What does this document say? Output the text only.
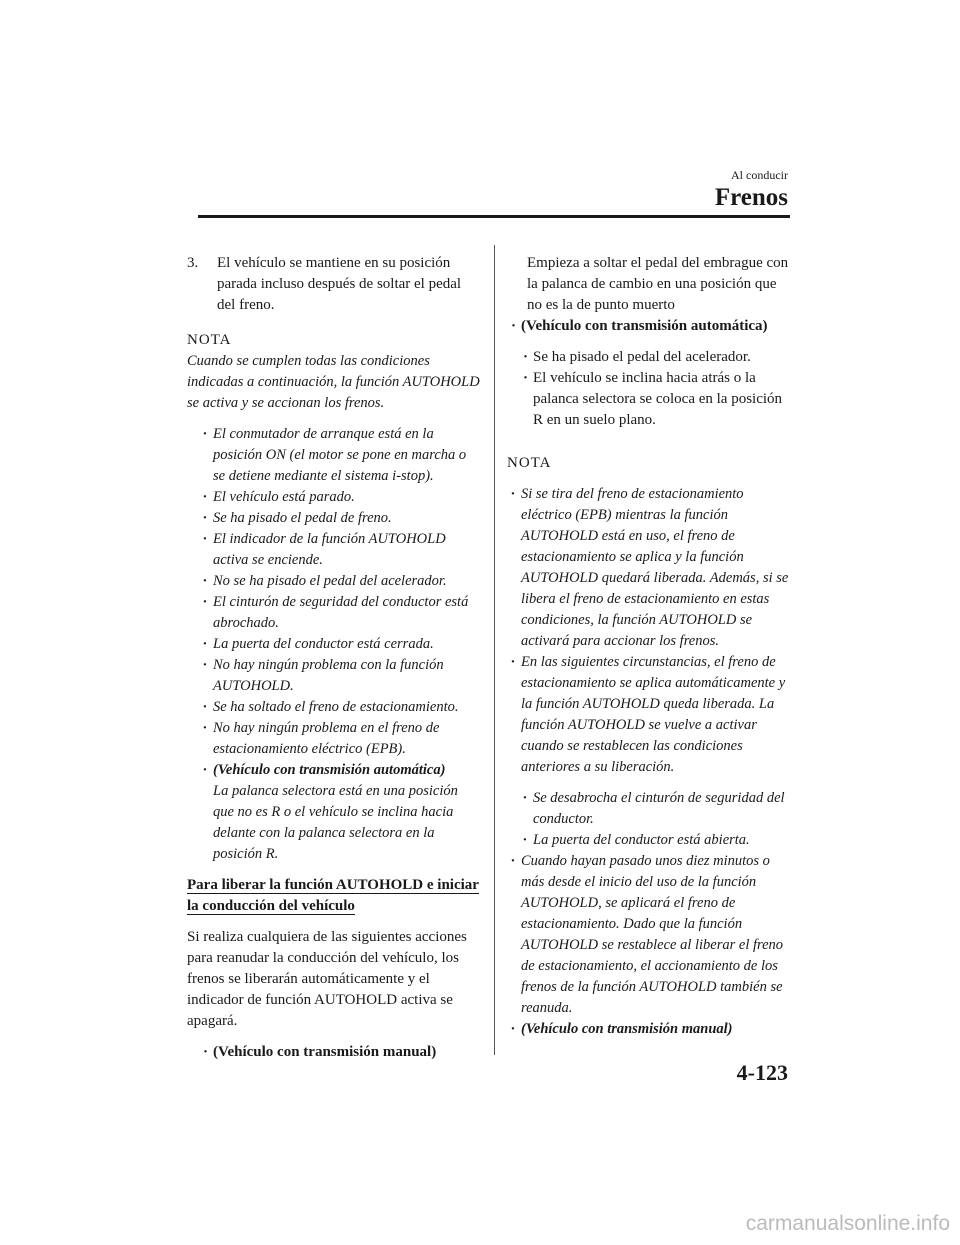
Al conducir
Frenos
3.	El vehículo se mantiene en su posición parada incluso después de soltar el pedal del freno.
NOTA
Cuando se cumplen todas las condiciones indicadas a continuación, la función AUTOHOLD se activa y se accionan los frenos.

· El conmutador de arranque está en la posición ON (el motor se pone en marcha o se detiene mediante el sistema i-stop).

· El vehículo está parado.

· Se ha pisado el pedal de freno.

· El indicador de la función AUTOHOLD activa se enciende.

· No se ha pisado el pedal del acelerador.

· El cinturón de seguridad del conductor está abrochado.

· La puerta del conductor está cerrada.

· No hay ningún problema con la función AUTOHOLD.

· Se ha soltado el freno de estacionamiento.

· No hay ningún problema en el freno de estacionamiento eléctrico (EPB).

· (Vehículo con transmisión automática)

La palanca selectora está en una posición que no es R o el vehículo se inclina hacia delante con la palanca selectora en la posición R.
Para liberar la función AUTOHOLD e iniciar la conducción del vehículo
Si realiza cualquiera de las siguientes acciones para reanudar la conducción del vehículo, los frenos se liberarán automáticamente y el indicador de función AUTOHOLD activa se apagará.

· (Vehículo con transmisión manual)

Empieza a soltar el pedal del embrague con la palanca de cambio en una posición que no es la de punto muerto

· (Vehículo con transmisión automática)

· Se ha pisado el pedal del acelerador.

· El vehículo se inclina hacia atrás o la palanca selectora se coloca en la posición R en un suelo plano.

NOTA

· Si se tira del freno de estacionamiento eléctrico (EPB) mientras la función AUTOHOLD está en uso, el freno de estacionamiento se aplica y la función AUTOHOLD quedará liberada. Además, si se libera el freno de estacionamiento en estas condiciones, la función AUTOHOLD se activará para accionar los frenos.

· En las siguientes circunstancias, el freno de estacionamiento se aplica automáticamente y la función AUTOHOLD queda liberada. La función AUTOHOLD se vuelve a activar cuando se restablecen las condiciones anteriores a su liberación.

· Se desabrocha el cinturón de seguridad del conductor.

· La puerta del conductor está abierta.

· Cuando hayan pasado unos diez minutos o más desde el inicio del uso de la función AUTOHOLD, se aplicará el freno de estacionamiento. Dado que la función AUTOHOLD se restablece al liberar el freno de estacionamiento, el accionamiento de los frenos de la función AUTOHOLD también se reanuda.

· (Vehículo con transmisión manual)

4-123
carmanualsonline.info
